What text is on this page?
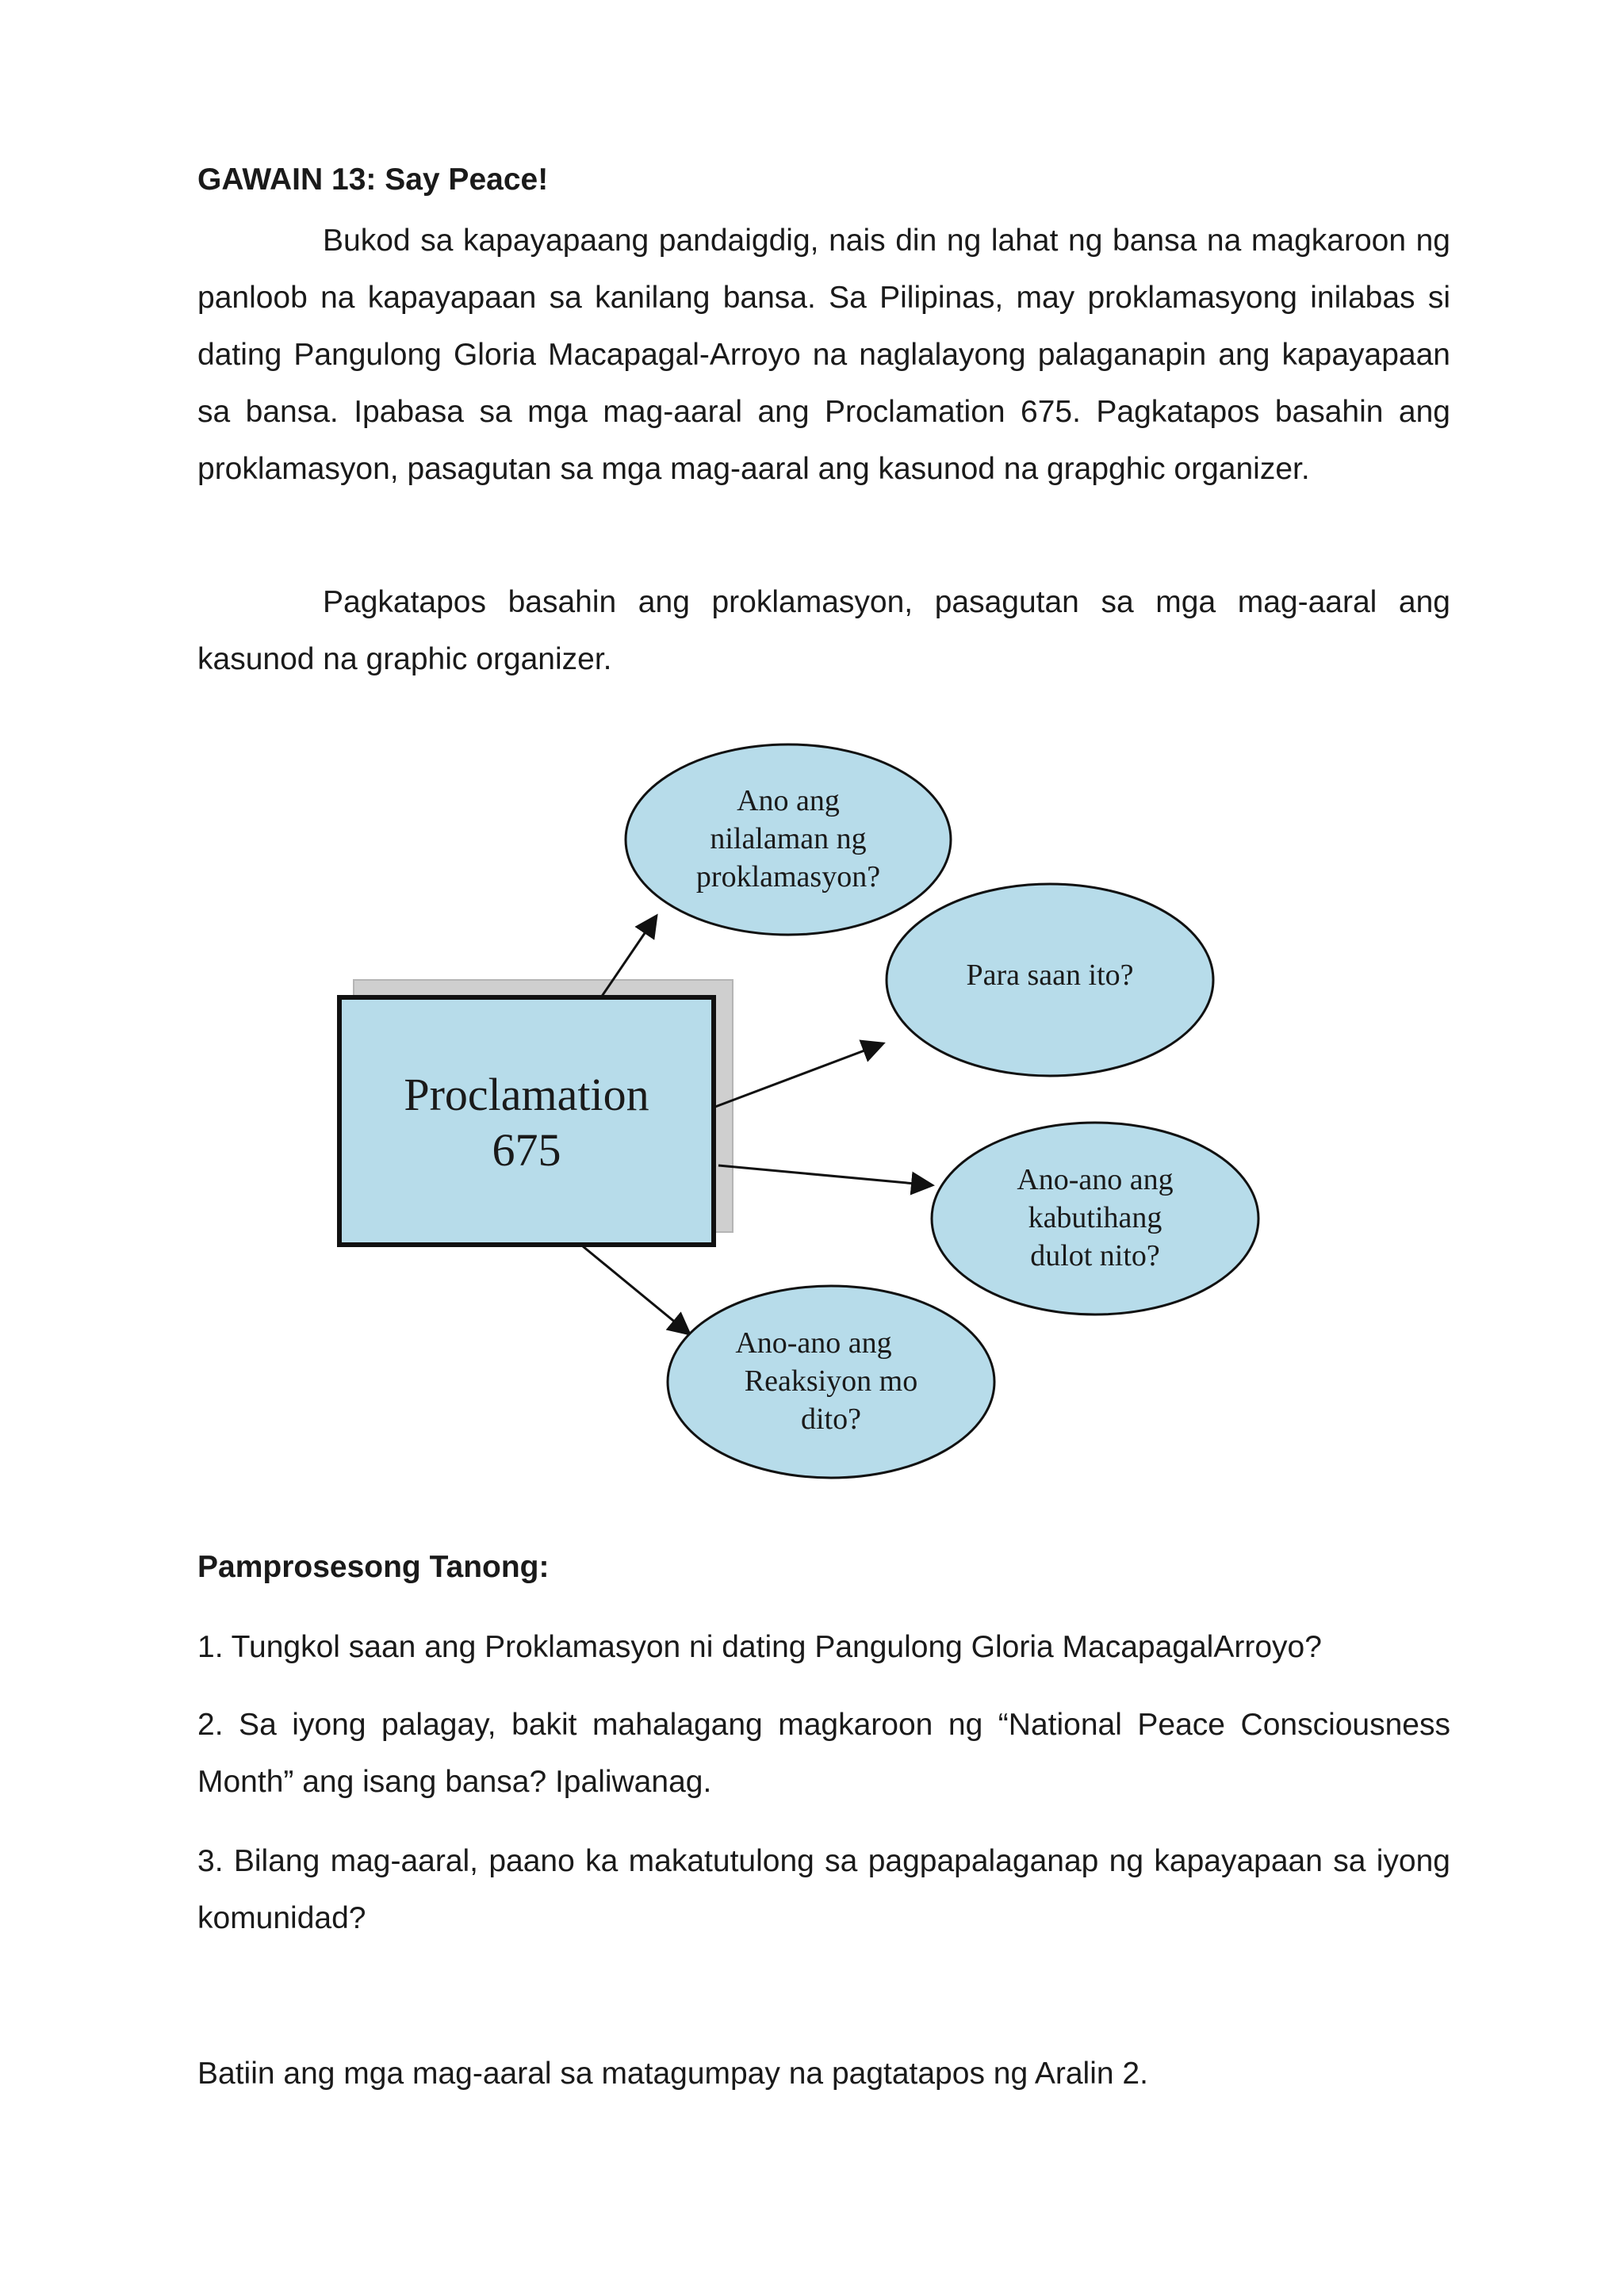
GAWAIN 13: Say Peace!

Bukod sa kapayapaang pandaigdig, nais din ng lahat ng bansa na magkaroon ng panloob na kapayapaan sa kanilang bansa. Sa Pilipinas, may proklamasyong inilabas si dating Pangulong Gloria Macapagal-Arroyo na naglalayong palaganapin ang kapayapaan sa bansa. Ipabasa sa mga mag-aaral ang Proclamation 675. Pagkatapos basahin ang proklamasyon, pasagutan sa mga mag-aaral ang kasunod na grapghic organizer.

Pagkatapos basahin ang proklamasyon, pasagutan sa mga mag-aaral ang kasunod na graphic organizer.

Proclamation
675
Ano ang
nilalaman ng
proklamasyon?
Para saan ito?
Ano-ano ang
kabutihang
dulot nito?
Ano-ano ang
Reaksiyon mo
dito?

Pamprosesong Tanong:

1. Tungkol saan ang Proklamasyon ni dating Pangulong Gloria MacapagalArroyo?

2. Sa iyong palagay, bakit mahalagang magkaroon ng “National Peace Consciousness Month” ang isang bansa? Ipaliwanag.

3. Bilang mag-aaral, paano ka makatutulong sa pagpapalaganap ng kapayapaan sa iyong komunidad?

Batiin ang mga mag-aaral sa matagumpay na pagtatapos ng Aralin 2.
